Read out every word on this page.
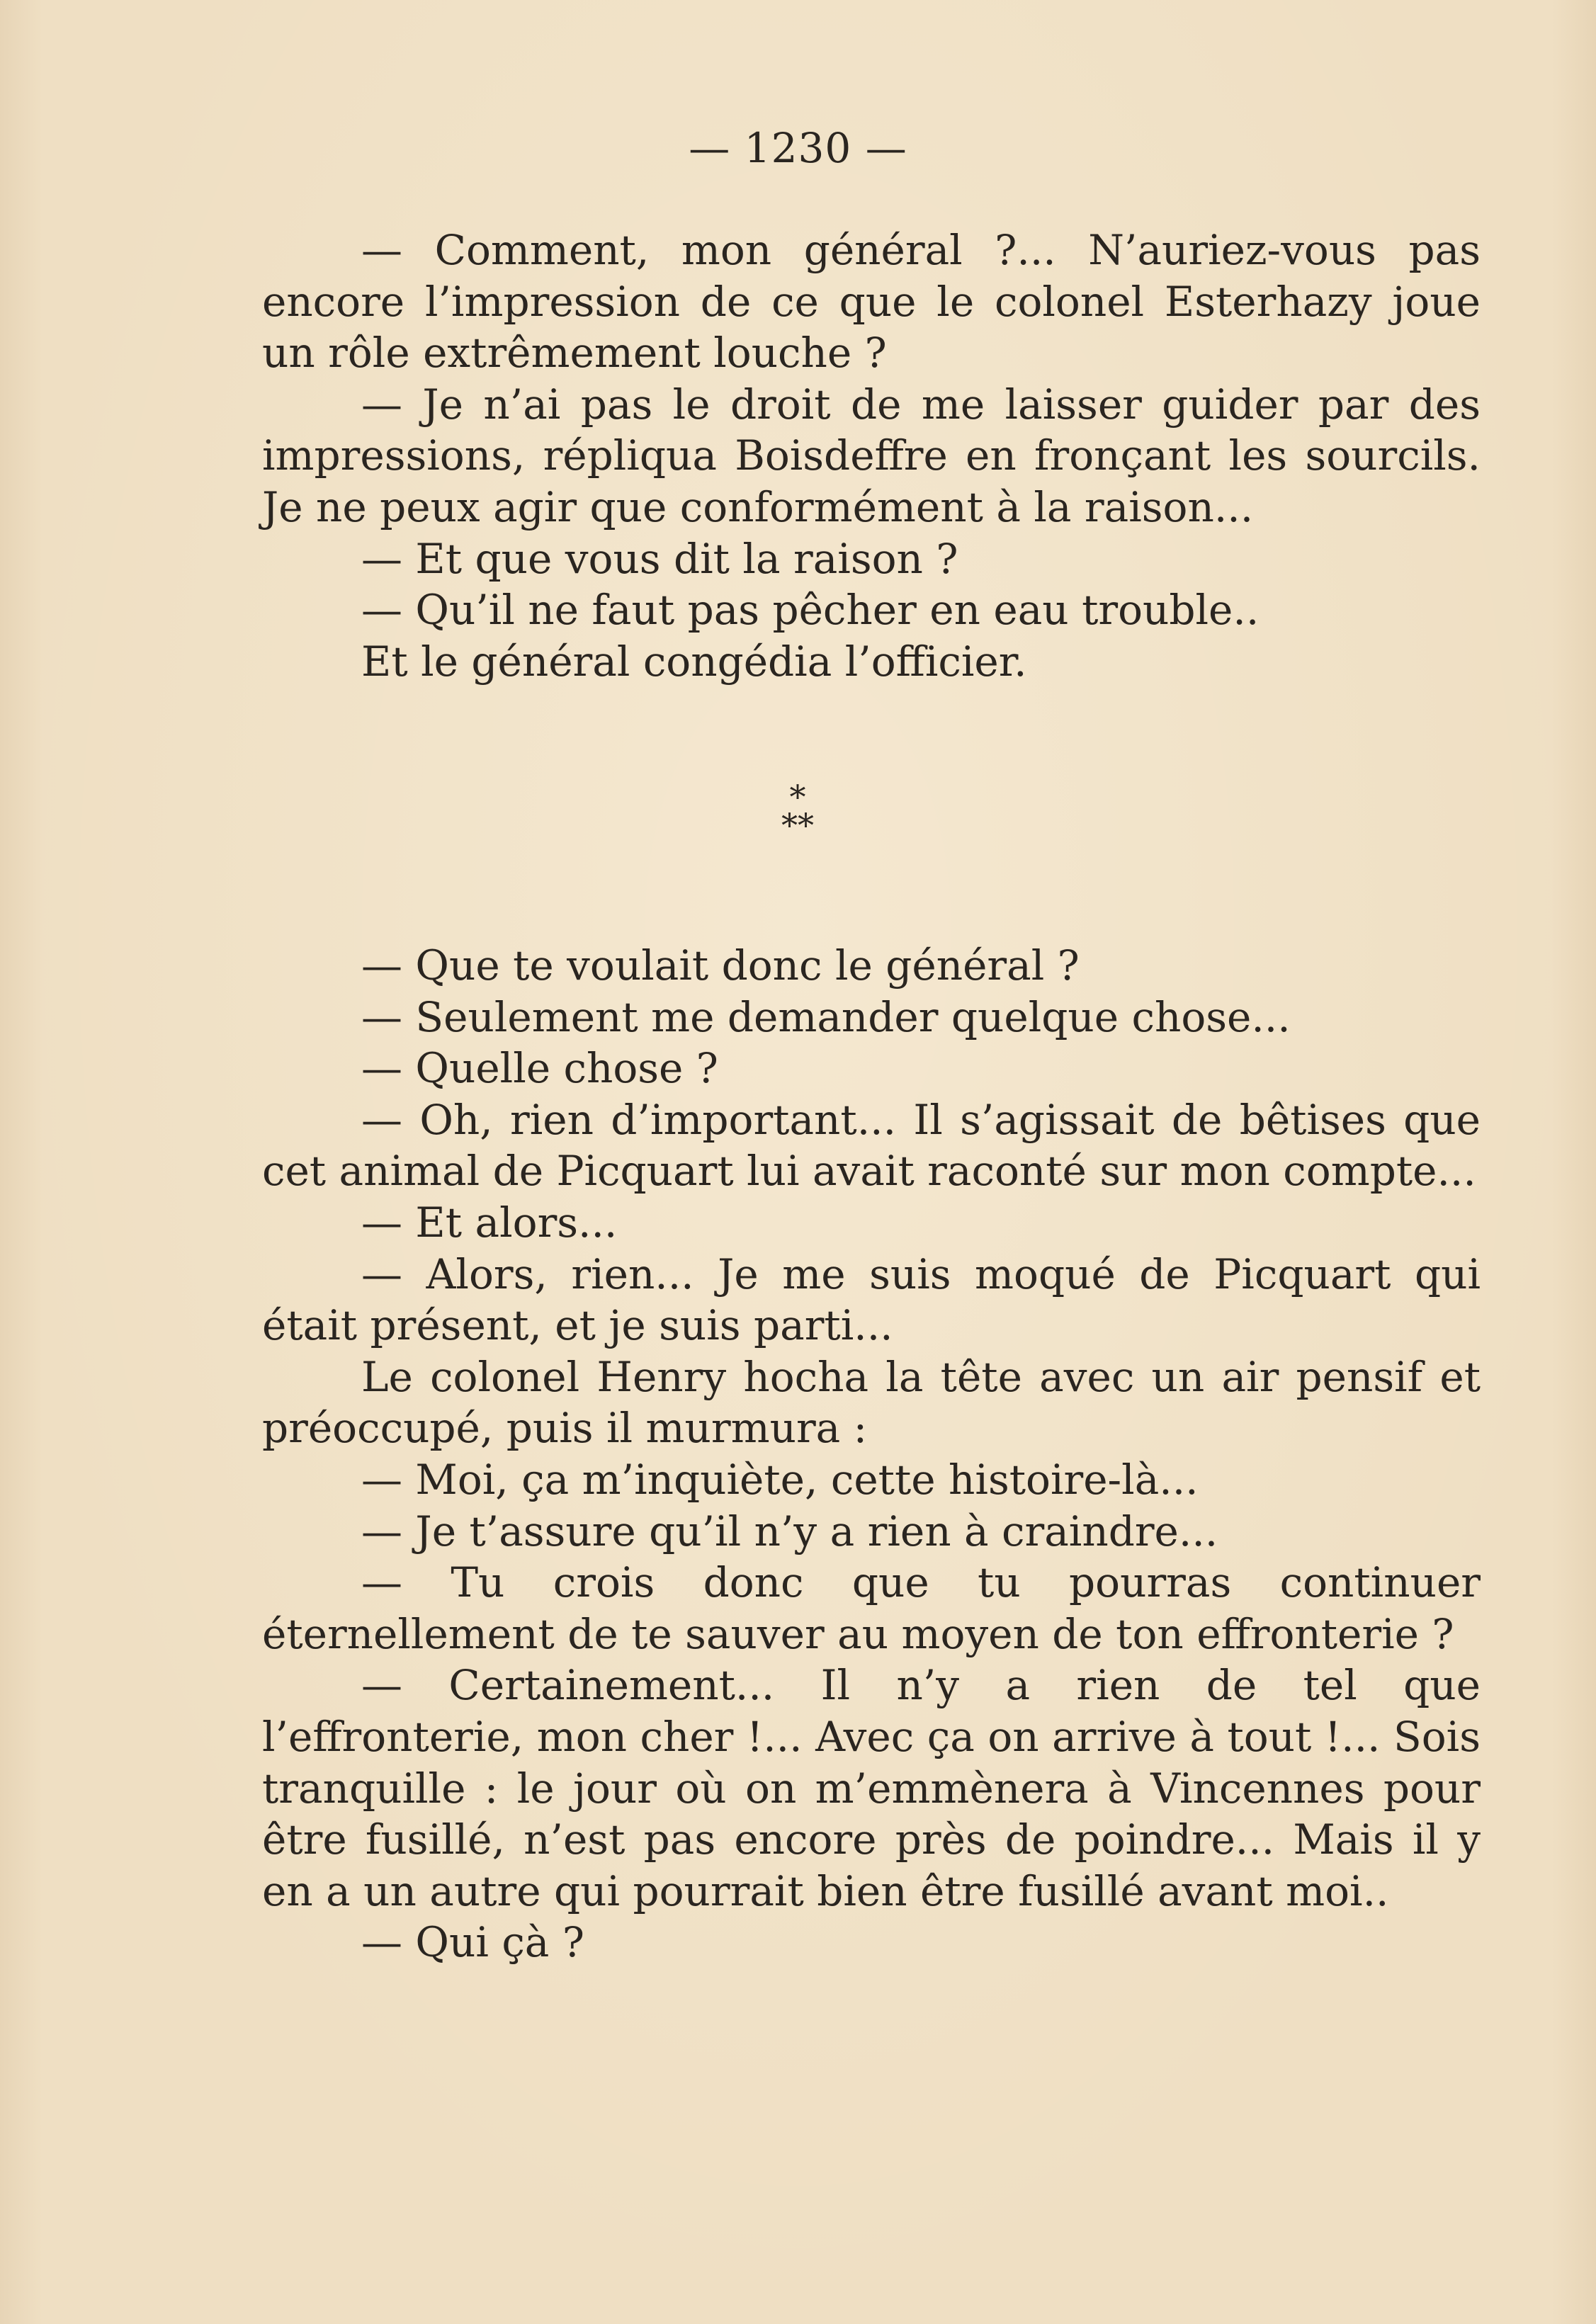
— 1230 —

— Comment, mon général ?... N’auriez-vous pas encore l’impression de ce que le colonel Esterhazy joue un rôle extrêmement louche ?

— Je n’ai pas le droit de me laisser guider par des impressions, répliqua Boisdeffre en fronçant les sourcils. Je ne peux agir que conformément à la raison...

— Et que vous dit la raison ?

— Qu’il ne faut pas pêcher en eau trouble..

Et le général congédia l’officier.

*
**

— Que te voulait donc le général ?

— Seulement me demander quelque chose...

— Quelle chose ?

— Oh, rien d’important... Il s’agissait de bêtises que cet animal de Picquart lui avait raconté sur mon compte...

— Et alors...

— Alors, rien... Je me suis moqué de Picquart qui était présent, et je suis parti...

Le colonel Henry hocha la tête avec un air pensif et préoccupé, puis il murmura :

— Moi, ça m’inquiète, cette histoire-là...

— Je t’assure qu’il n’y a rien à craindre...

— Tu crois donc que tu pourras continuer éternellement de te sauver au moyen de ton effronterie ?

— Certainement... Il n’y a rien de tel que l’effronterie, mon cher !... Avec ça on arrive à tout !... Sois tranquille : le jour où on m’emmènera à Vincennes pour être fusillé, n’est pas encore près de poindre... Mais il y en a un autre qui pourrait bien être fusillé avant moi..

— Qui çà ?
